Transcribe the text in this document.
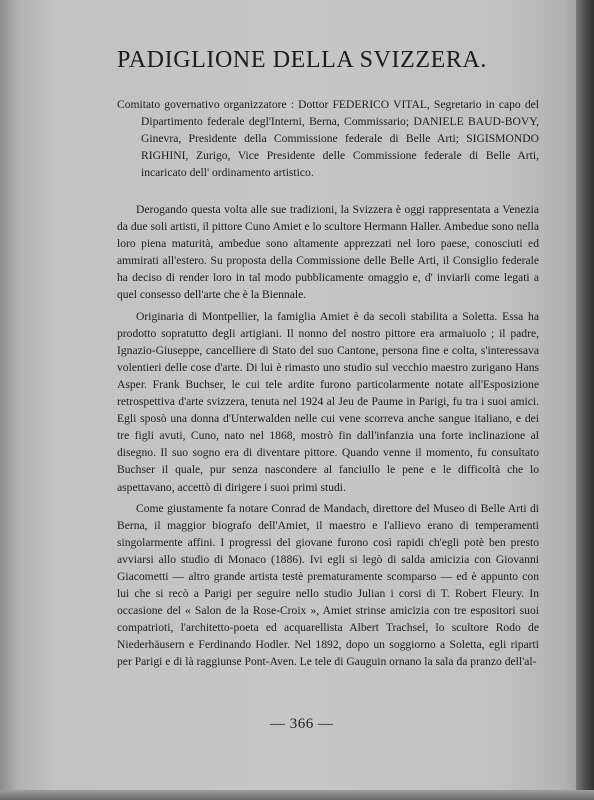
PADIGLIONE DELLA SVIZZERA.

Comitato governativo organizzatore : Dottor FEDERICO VITAL, Segretario in capo del Dipartimento federale degl'Interni, Berna, Commissario; DANIELE BAUD-BOVY, Ginevra, Presidente della Commissione federale di Belle Arti; SIGISMONDO RIGHINI, Zurigo, Vice Presidente delle Commissione federale di Belle Arti, incaricato dell' ordinamento artistico.

Derogando questa volta alle sue tradizioni, la Svizzera è oggi rappresentata a Venezia da due soli artisti, il pittore Cuno Amiet e lo scultore Hermann Haller. Ambedue sono nella loro piena maturità, ambedue sono altamente apprezzati nel loro paese, conosciuti ed ammirati all'estero. Su proposta della Commissione delle Belle Arti, il Consiglio federale ha deciso di render loro in tal modo pubblicamente omaggio e, d' inviarli come legati a quel consesso dell'arte che è la Biennale.

Originaria di Montpellier, la famiglia Amiet è da secoli stabilita a Soletta. Essa ha prodotto sopratutto degli artigiani. Il nonno del nostro pittore era armaiuolo ; il padre, Ignazio-Giuseppe, cancelliere di Stato del suo Cantone, persona fine e colta, s'interessava volentieri delle cose d'arte. Di lui è rimasto uno studio sul vecchio maestro zurigano Hans Asper. Frank Buchser, le cui tele ardite furono particolarmente notate all'Esposizione retrospettiva d'arte svizzera, tenuta nel 1924 al Jeu de Paume in Parigi, fu tra i suoi amici. Egli sposò una donna d'Unterwalden nelle cui vene scorreva anche sangue italiano, e dei tre figli avuti, Cuno, nato nel 1868, mostrò fin dall'infanzia una forte inclinazione al disegno. Il suo sogno era di diventare pittore. Quando venne il momento, fu consultato Buchser il quale, pur senza nascondere al fanciullo le pene e le difficoltà che lo aspettavano, accettò di dirigere i suoi primi studi.

Come giustamente fa notare Conrad de Mandach, direttore del Museo di Belle Arti di Berna, il maggior biografo dell'Amiet, il maestro e l'allievo erano di temperamenti singolarmente affini. I progressi del giovane furono così rapidi ch'egli potè ben presto avviarsi allo studio di Monaco (1886). Ivi egli si legò di salda amicizia con Giovanni Giacometti — altro grande artista testè prematuramente scomparso — ed è appunto con lui che si recò a Parigi per seguire nello studio Julian i corsi di T. Robert Fleury. In occasione del « Salon de la Rose-Croix », Amiet strinse amicizia con tre espositori suoi compatrioti, l'architetto-poeta ed acquarellista Albert Trachsel, lo scultore Rodo de Niederhäusern e Ferdinando Hodler. Nel 1892, dopo un soggiorno a Soletta, egli riparti per Parigi e di là raggiunse Pont-Aven. Le tele di Gauguin ornano la sala da pranzo dell'al-

— 366 —
